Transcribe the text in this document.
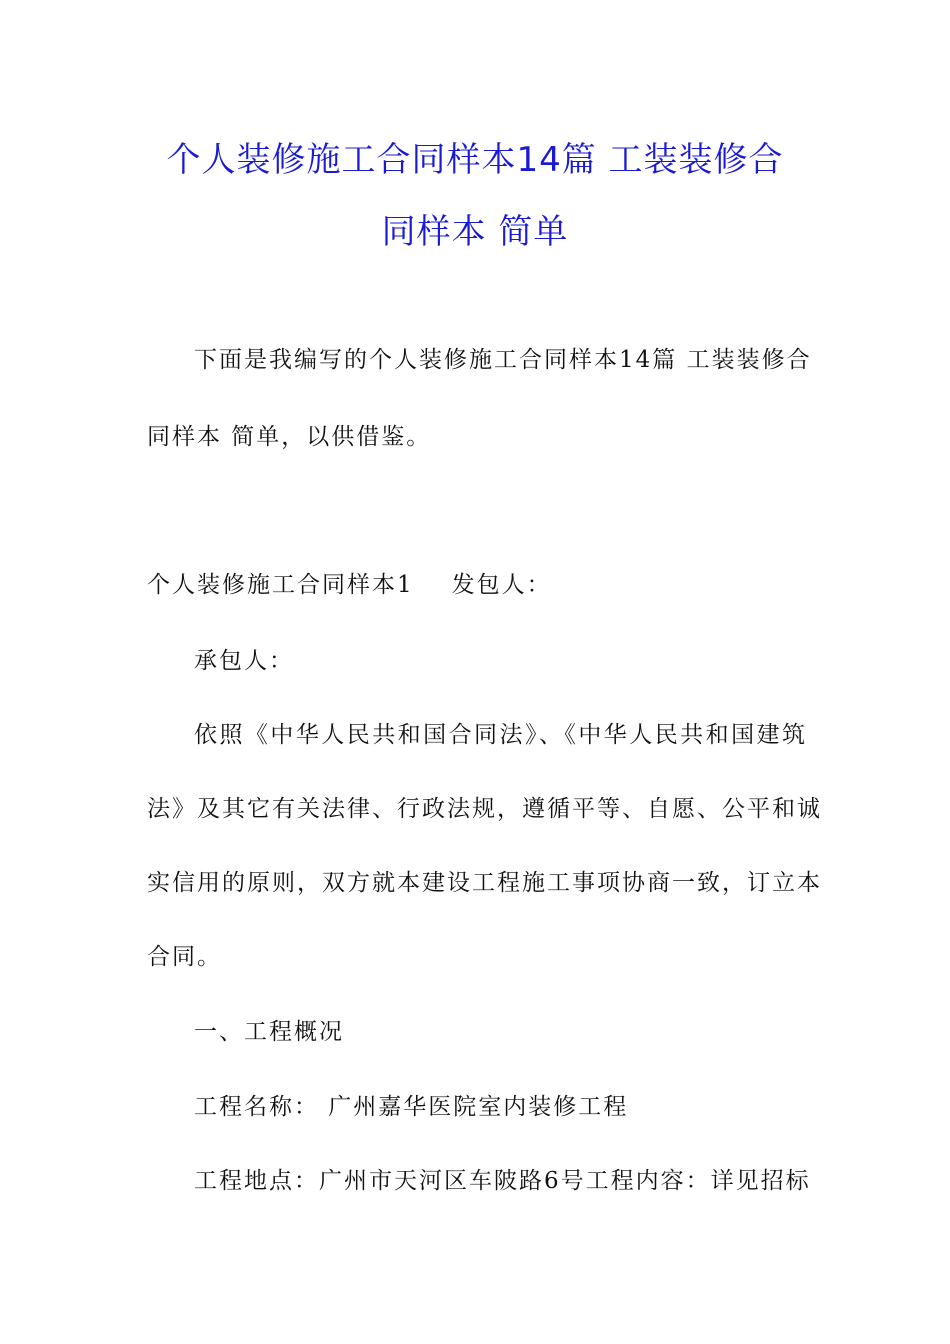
个人装修施工合同样本14篇 工装装修合
同样本 简单
下面是我编写的个人装修施工合同样本14篇 工装装修合
同样本 简单，以供借鉴。
个人装修施工合同样本1 发包人：
承包人：
依照《中华人民共和国合同法》、《中华人民共和国建筑
法》及其它有关法律、行政法规，遵循平等、自愿、公平和诚
实信用的原则，双方就本建设工程施工事项协商一致，订立本
合同。
一、工程概况
工程名称： 广州嘉华医院室内装修工程
工程地点：广州市天河区车陂路6号工程内容：详见招标
